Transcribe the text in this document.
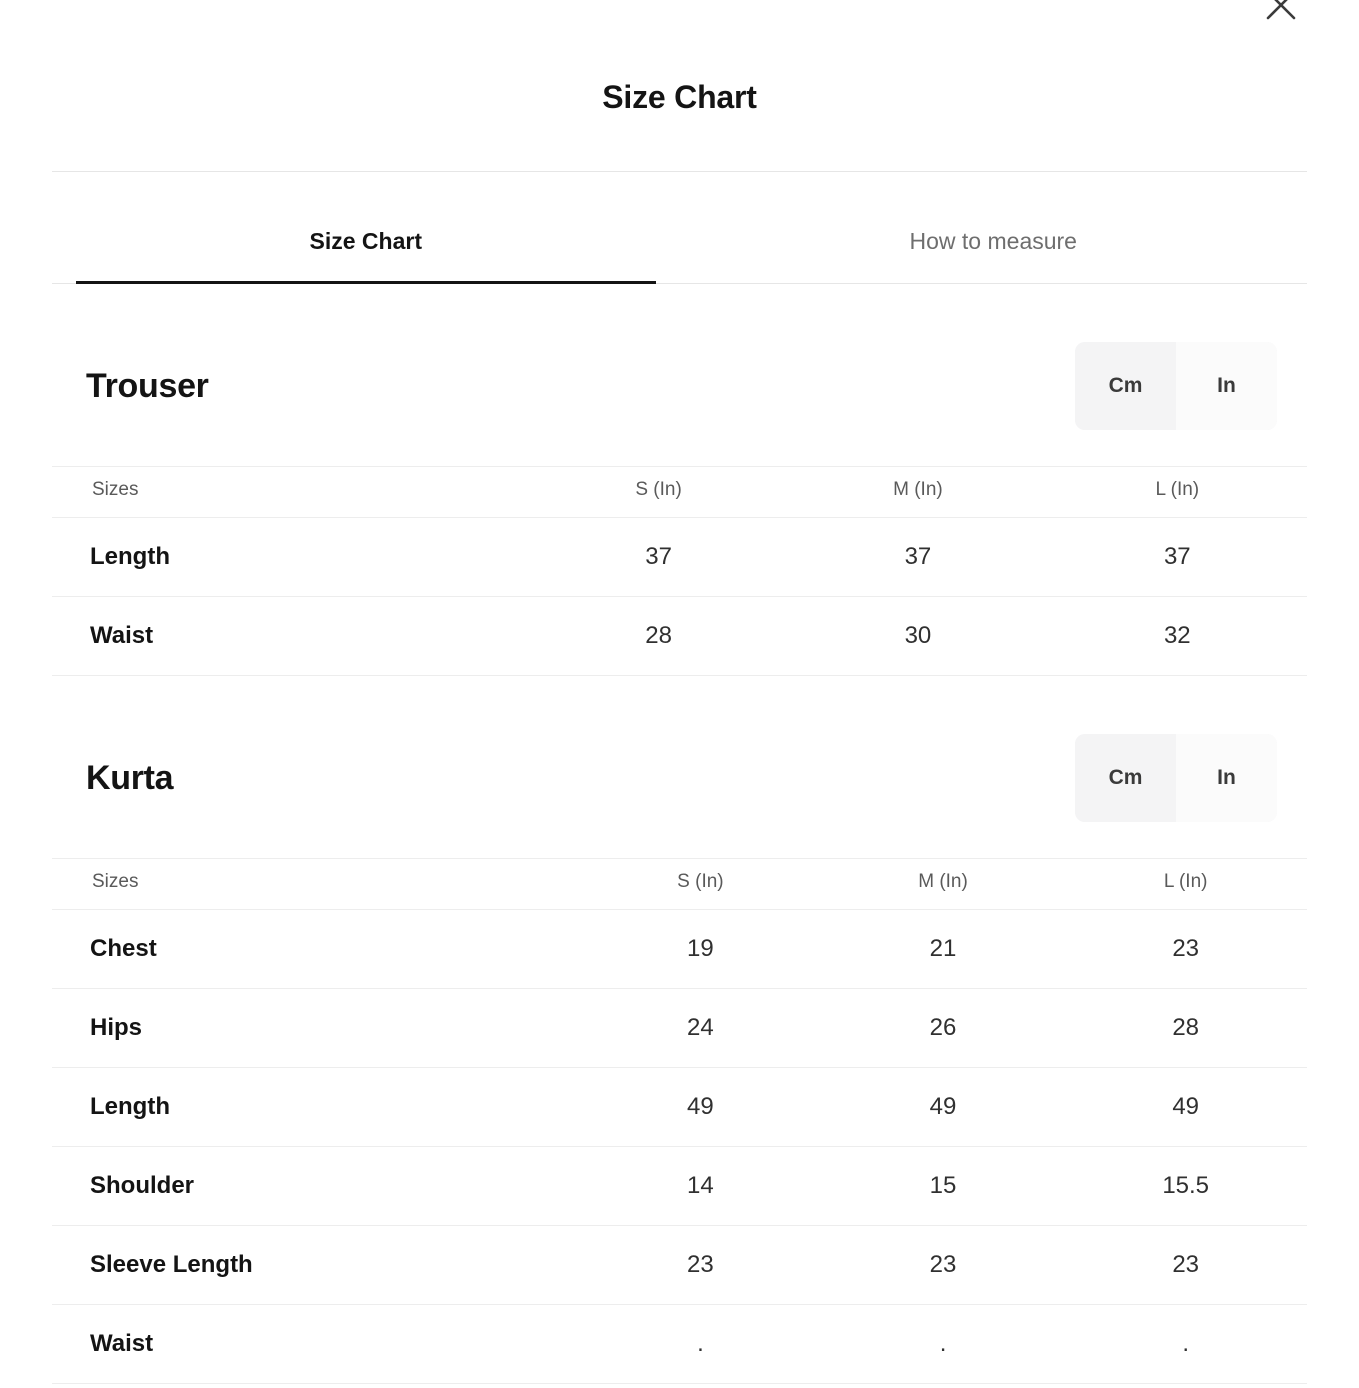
Size Chart
Size Chart	How to measure
Trouser	Cm	In
Sizes	S (In)	M (In)	L (In)
Length	37	37	37
Waist	28	30	32
Kurta	Cm	In
Sizes	S (In)	M (In)	L (In)
Chest	19	21	23
Hips	24	26	28
Length	49	49	49
Shoulder	14	15	15.5
Sleeve Length	23	23	23
Waist	.	.	.
